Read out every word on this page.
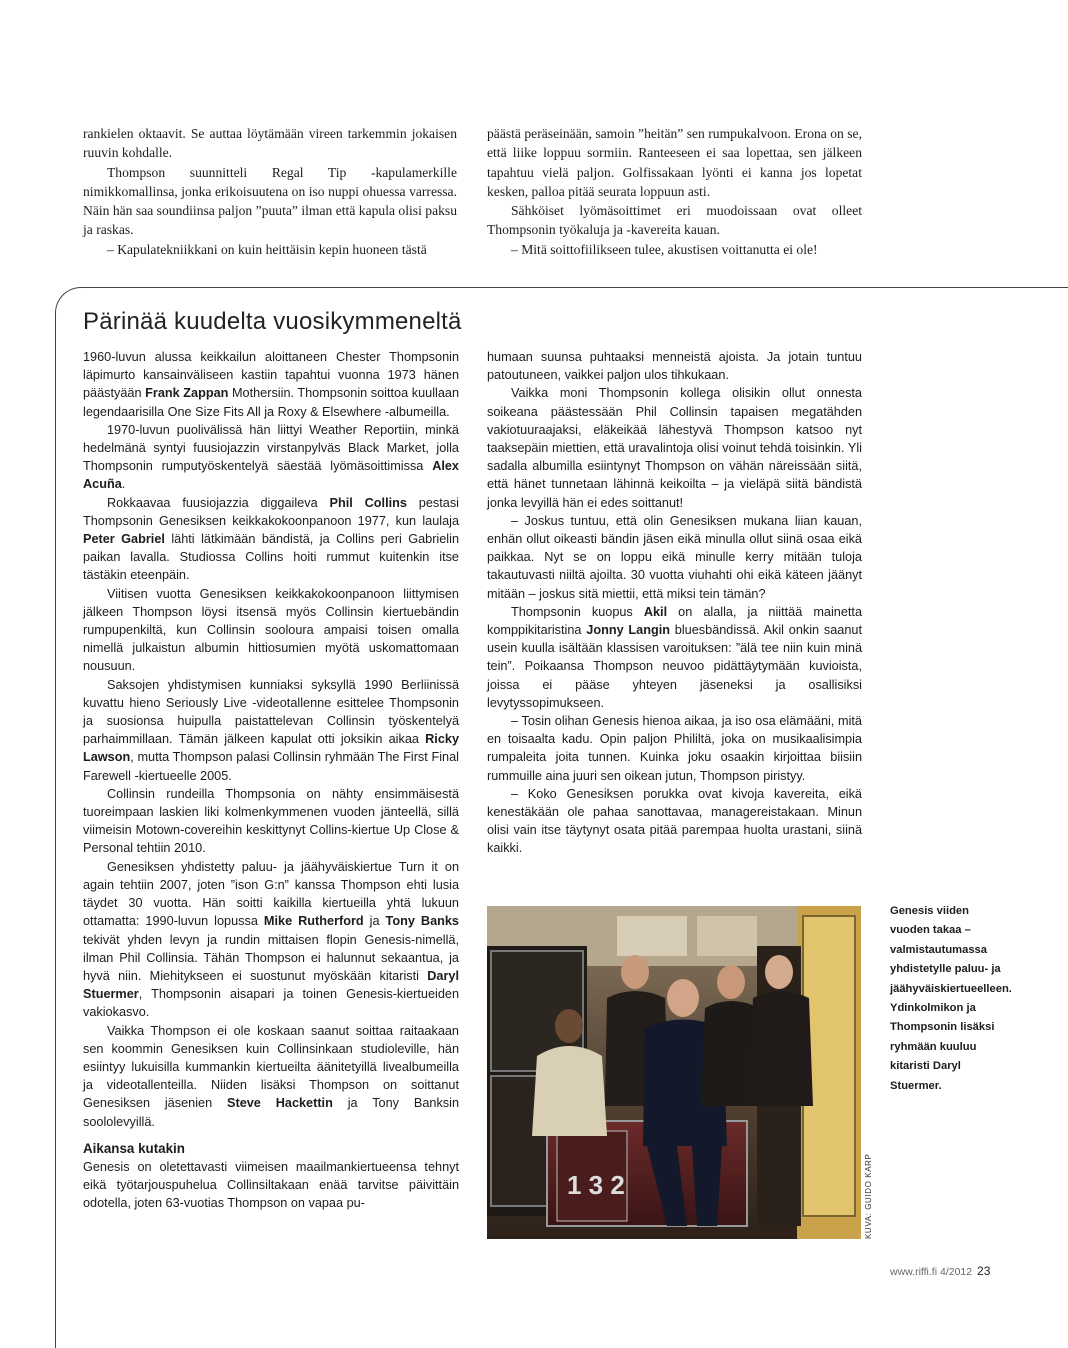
rankielen oktaavit. Se auttaa löytämään vireen tarkemmin jokaisen ruuvin kohdalle.

Thompson suunnitteli Regal Tip -kapulamerkille nimikkomallinsa, jonka erikoisuutena on iso nuppi ohuessa varressa. Näin hän saa soundiinsa paljon ”puuta” ilman että kapula olisi paksu ja raskas.

– Kapulatekniikkani on kuin heittäisin kepin huoneen tästä

päästä peräseinään, samoin ”heitän” sen rumpukalvoon. Erona on se, että liike loppuu sormiin. Ranteeseen ei saa lopettaa, sen jälkeen tapahtuu vielä paljon. Golfissakaan lyönti ei kanna jos lopetat kesken, palloa pitää seurata loppuun asti.

Sähköiset lyömäsoittimet eri muodoissaan ovat olleet Thompsonin työkaluja ja -kavereita kauan.

– Mitä soittofiilikseen tulee, akustisen voittanutta ei ole!

Pärinää kuudelta vuosikymmeneltä

1960-luvun alussa keikkailun aloittaneen Chester Thompsonin läpimurto kansainväliseen kastiin tapahtui vuonna 1973 hänen päästyään Frank Zappan Mothersiin. Thompsonin soittoa kuullaan legendaarisilla One Size Fits All ja Roxy & Elsewhere -albumeilla.

1970-luvun puolivälissä hän liittyi Weather Reportiin, minkä hedelmänä syntyi fuusiojazzin virstanpylväs Black Market, jolla Thompsonin rumputyöskentelyä säestää lyömäsoittimissa Alex Acuña.

Rokkaavaa fuusiojazzia diggaileva Phil Collins pestasi Thompsonin Genesiksen keikkakokoonpanoon 1977, kun laulaja Peter Gabriel lähti lätkimään bändistä, ja Collins peri Gabrielin paikan lavalla. Studiossa Collins hoiti rummut kuitenkin itse tästäkin eteenpäin.

Viitisen vuotta Genesiksen keikkakokoonpanoon liittymisen jälkeen Thompson löysi itsensä myös Collinsin kiertuebändin rumpupenkiltä, kun Collinsin sooloura ampaisi toisen omalla nimellä julkaistun albumin hittiosumien myötä uskomattomaan nousuun.

Saksojen yhdistymisen kunniaksi syksyllä 1990 Berliinissä kuvattu hieno Seriously Live -videotallenne esittelee Thompsonin ja suosionsa huipulla paistattelevan Collinsin työskentelyä parhaimmillaan. Tämän jälkeen kapulat otti joksikin aikaa Ricky Lawson, mutta Thompson palasi Collinsin ryhmään The First Final Farewell -kiertueelle 2005.

Collinsin rundeilla Thompsonia on nähty ensimmäisestä tuoreimpaan laskien liki kolmenkymmenen vuoden jänteellä, sillä viimeisin Motown-covereihin keskittynyt Collins-kiertue Up Close & Personal tehtiin 2010.

Genesiksen yhdistetty paluu- ja jäähyväiskiertue Turn it on again tehtiin 2007, joten ”ison G:n” kanssa Thompson ehti lusia täydet 30 vuotta. Hän soitti kaikilla kiertueilla yhtä lukuun ottamatta: 1990-luvun lopussa Mike Rutherford ja Tony Banks tekivät yhden levyn ja rundin mittaisen flopin Genesis-nimellä, ilman Phil Collinsia. Tähän Thompson ei halunnut sekaantua, ja hyvä niin. Miehitykseen ei suostunut myöskään kitaristi Daryl Stuermer, Thompsonin aisapari ja toinen Genesis-kiertueiden vakiokasvo.

Vaikka Thompson ei ole koskaan saanut soittaa raitaakaan sen koommin Genesiksen kuin Collinsinkaan studioleville, hän esiintyy lukuisilla kummankin kiertueilta äänitetyillä livealbumeilla ja videotallenteilla. Niiden lisäksi Thompson on soittanut Genesiksen jäsenien Steve Hackettin ja Tony Banksin soololevyillä.

Aikansa kutakin

Genesis on oletettavasti viimeisen maailmankiertueensa tehnyt eikä työtarjouspuhelua Collinsiltakaan enää tarvitse päivittäin odotella, joten 63-vuotias Thompson on vapaa pu-

humaan suunsa puhtaaksi menneistä ajoista. Ja jotain tuntuu patoutuneen, vaikkei paljon ulos tihkukaan.

Vaikka moni Thompsonin kollega olisikin ollut onnesta soikeana päästessään Phil Collinsin tapaisen megatähden vakiotuuraajaksi, eläkeikää lähestyvä Thompson katsoo nyt taaksepäin miettien, että uravalintoja olisi voinut tehdä toisinkin. Yli sadalla albumilla esiintynyt Thompson on vähän näreissään siitä, että hänet tunnetaan lähinnä keikoilta – ja vieläpä siitä bändistä jonka levyillä hän ei edes soittanut!

– Joskus tuntuu, että olin Genesiksen mukana liian kauan, enhän ollut oikeasti bändin jäsen eikä minulla ollut siinä osaa eikä paikkaa. Nyt se on loppu eikä minulle kerry mitään tuloja takautuvasti niiltä ajoilta. 30 vuotta viuhahti ohi eikä käteen jäänyt mitään – joskus sitä miettii, että miksi tein tämän?

Thompsonin kuopus Akil on alalla, ja niittää mainetta komppikitaristina Jonny Langin bluesbändissä. Akil onkin saanut usein kuulla isältään klassisen varoituksen: ”älä tee niin kuin minä tein”. Poikaansa Thompson neuvoo pidättäytymään kuvioista, joissa ei pääse yhteyen jäseneksi ja osallisiksi levytyssopimukseen.

– Tosin olihan Genesis hienoa aikaa, ja iso osa elämääni, mitä en toisaalta kadu. Opin paljon Phililtä, joka on musikaalisimpia rumpaleita joita tunnen. Kuinka joku osaakin kirjoittaa biisiin rummuille aina juuri sen oikean jutun, Thompson piristyy.

– Koko Genesiksen porukka ovat kivoja kavereita, eikä kenestäkään ole pahaa sanottavaa, managereistakaan. Minun olisi vain itse täytynyt osata pitää parempaa huolta urastani, siinä kaikki.

1 3 2	KUVA: GUIDO KARP
Genesis viiden vuoden takaa – valmistautumassa yhdistetylle paluu- ja jäähyväiskiertueelleen. Ydinkolmikon ja Thompsonin lisäksi ryhmään kuuluu kitaristi Daryl Stuermer.
www.riffi.fi 4/2012 23
